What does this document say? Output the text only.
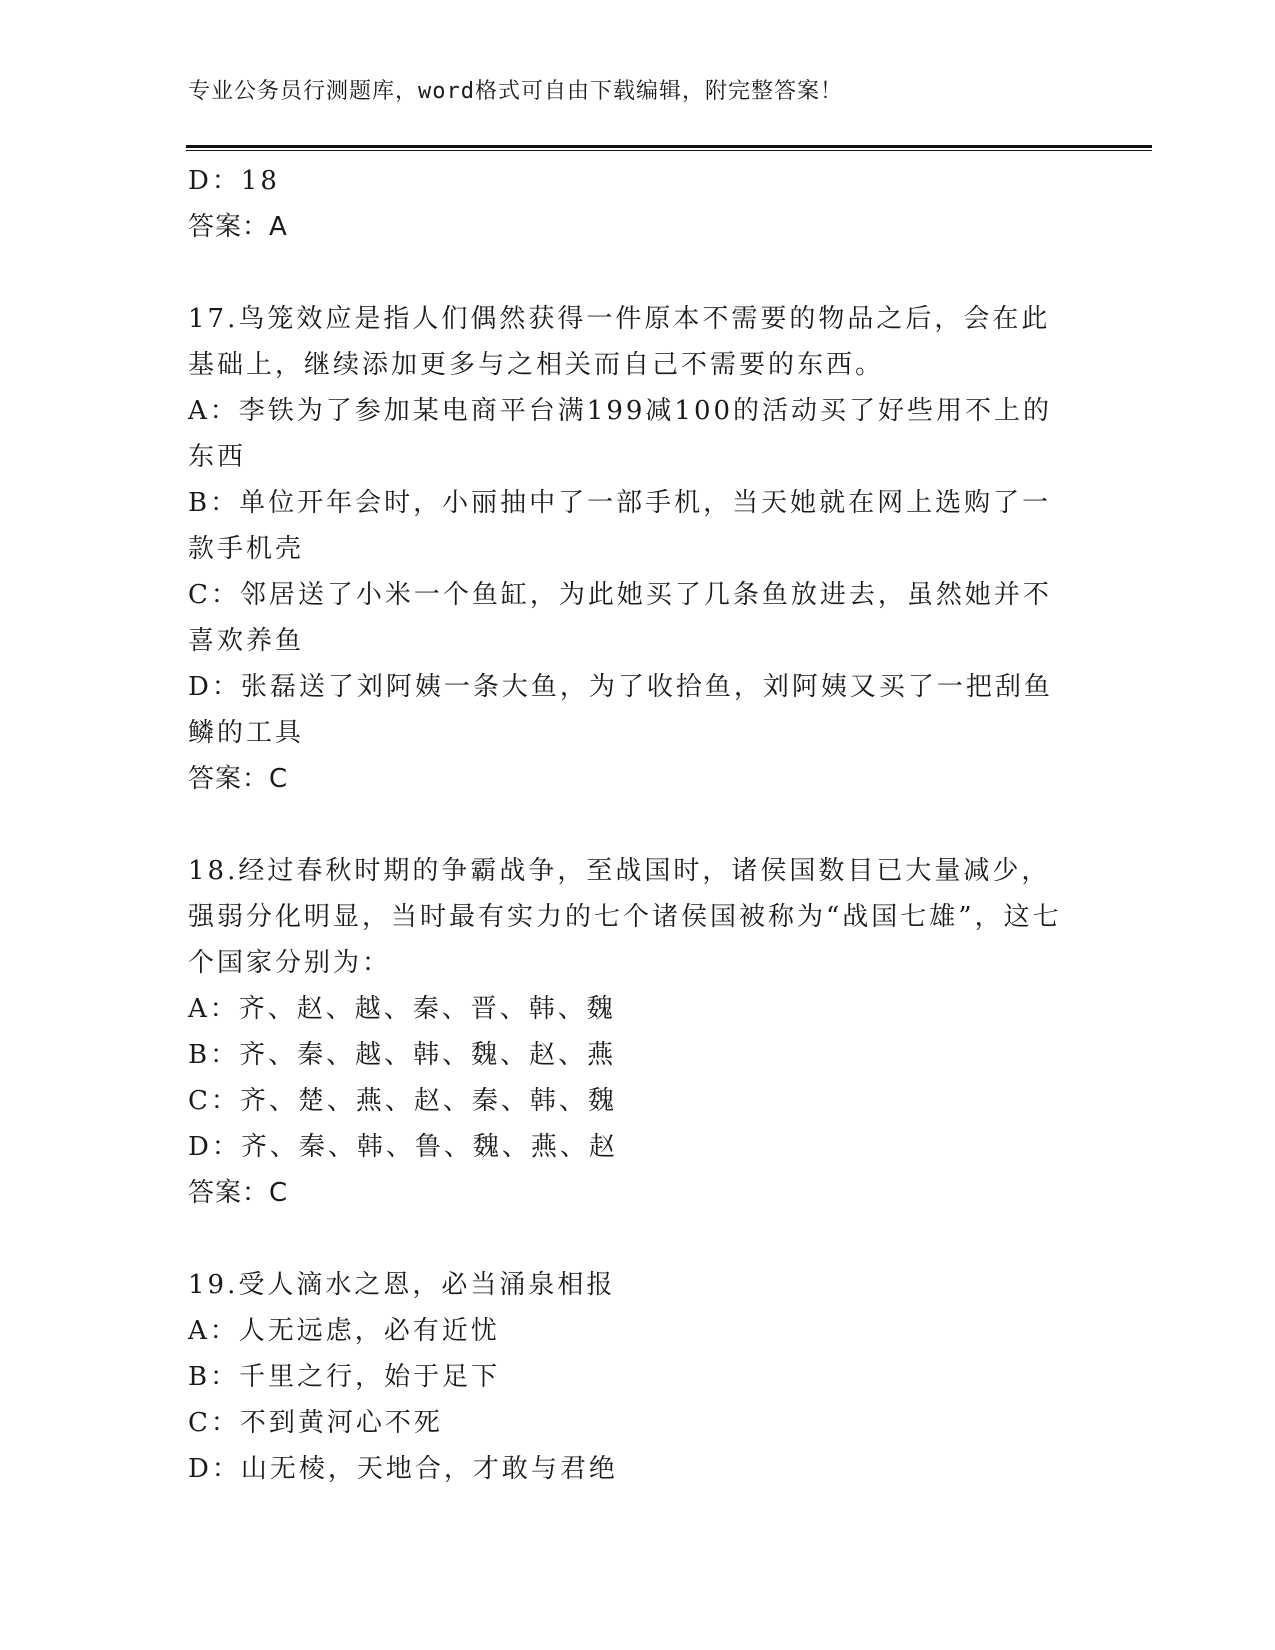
专业公务员行测题库，word格式可自由下载编辑，附完整答案！

D：18

答案：A

17.鸟笼效应是指人们偶然获得一件原本不需要的物品之后，会在此基础上，继续添加更多与之相关而自己不需要的东西。

A：李铁为了参加某电商平台满199减100的活动买了好些用不上的东西

B：单位开年会时，小丽抽中了一部手机，当天她就在网上选购了一款手机壳

C：邻居送了小米一个鱼缸，为此她买了几条鱼放进去，虽然她并不喜欢养鱼

D：张磊送了刘阿姨一条大鱼，为了收拾鱼，刘阿姨又买了一把刮鱼鳞的工具

答案：C

18.经过春秋时期的争霸战争，至战国时，诸侯国数目已大量减少，强弱分化明显，当时最有实力的七个诸侯国被称为“战国七雄”，这七个国家分别为：

A：齐、赵、越、秦、晋、韩、魏

B：齐、秦、越、韩、魏、赵、燕

C：齐、楚、燕、赵、秦、韩、魏

D：齐、秦、韩、鲁、魏、燕、赵

答案：C

19.受人滴水之恩，必当涌泉相报

A：人无远虑，必有近忧

B：千里之行，始于足下

C：不到黄河心不死

D：山无棱，天地合，才敢与君绝
